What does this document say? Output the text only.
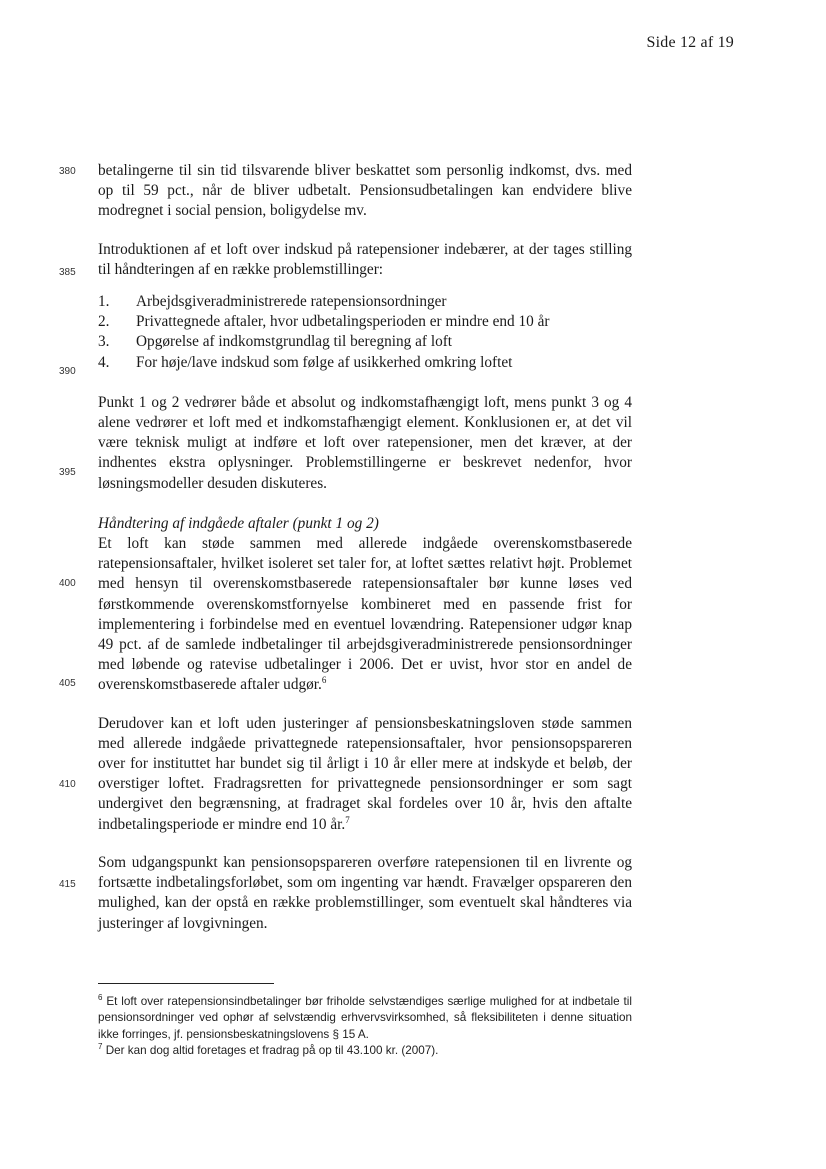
Side 12 af 19
380
385
390
395
400
405
410
415

betalingerne til sin tid tilsvarende bliver beskattet som personlig indkomst, dvs. med op til 59 pct., når de bliver udbetalt. Pensionsudbetalingen kan endvidere blive modregnet i social pension, boligydelse mv.

Introduktionen af et loft over indskud på ratepensioner indebærer, at der tages stilling til håndteringen af en række problemstillinger:

1.	Arbejdsgiveradministrerede ratepensionsordninger
2.	Privattegnede aftaler, hvor udbetalingsperioden er mindre end 10 år
3.	Opgørelse af indkomstgrundlag til beregning af loft
4.	For høje/lave indskud som følge af usikkerhed omkring loftet

Punkt 1 og 2 vedrører både et absolut og indkomstafhængigt loft, mens punkt 3 og 4 alene vedrører et loft med et indkomstafhængigt element. Konklusionen er, at det vil være teknisk muligt at indføre et loft over ratepensioner, men det kræver, at der indhentes ekstra oplysninger. Problemstillingerne er beskrevet nedenfor, hvor løsningsmodeller desuden diskuteres.

Håndtering af indgåede aftaler (punkt 1 og 2)

Et loft kan støde sammen med allerede indgåede overenskomstbaserede ratepensionsaftaler, hvilket isoleret set taler for, at loftet sættes relativt højt. Problemet med hensyn til overenskomstbaserede ratepensionsaftaler bør kunne løses ved førstkommende overenskomstfornyelse kombineret med en passende frist for implementering i forbindelse med en eventuel lovændring. Ratepensioner udgør knap 49 pct. af de samlede indbetalinger til arbejdsgiveradministrerede pensionsordninger med løbende og ratevise udbetalinger i 2006. Det er uvist, hvor stor en andel de overenskomstbaserede aftaler udgør.$^6$

Derudover kan et loft uden justeringer af pensionsbeskatningsloven støde sammen med allerede indgåede privattegnede ratepensionsaftaler, hvor pensionsopspareren over for instituttet har bundet sig til årligt i 10 år eller mere at indskyde et beløb, der overstiger loftet. Fradragsretten for privattegnede pensionsordninger er som sagt undergivet den begrænsning, at fradraget skal fordeles over 10 år, hvis den aftalte indbetalingsperiode er mindre end 10 år.$^7$

Som udgangspunkt kan pensionsopspareren overføre ratepensionen til en livrente og fortsætte indbetalingsforløbet, som om ingenting var hændt. Fravælger opspareren den mulighed, kan der opstå en række problemstillinger, som eventuelt skal håndteres via justeringer af lovgivningen.

$^6$ Et loft over ratepensionsindbetalinger bør friholde selvstændiges særlige mulighed for at indbetale til pensionsordninger ved ophør af selvstændig erhvervsvirksomhed, så fleksibiliteten i denne situation ikke forringes, jf. pensionsbeskatningslovens § 15 A.

$^7$ Der kan dog altid foretages et fradrag på op til 43.100 kr. (2007).
